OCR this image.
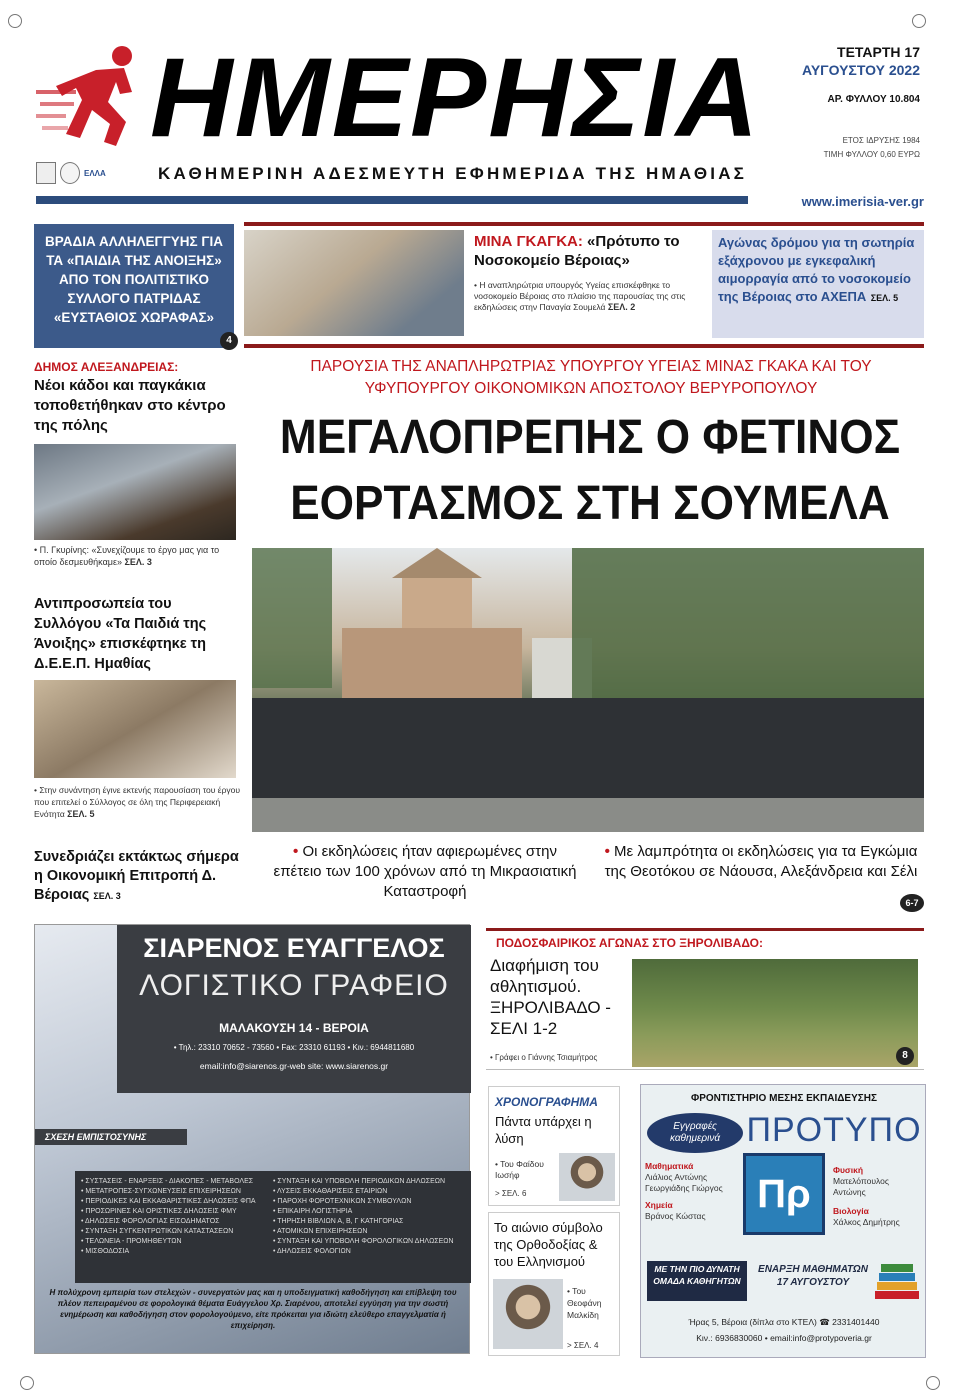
ΗΜΕΡΗΣΙΑ
ΕΛΛΑ	ΚΑΘΗΜΕΡΙΝΗ ΑΔΕΣΜΕΥΤΗ ΕΦΗΜΕΡΙΔΑ ΤΗΣ ΗΜΑΘΙΑΣ
ΤΕΤΑΡΤΗ 17
ΑΥΓΟΥΣΤΟΥ 2022
ΑΡ. ΦΥΛΛΟΥ 10.804
ΕΤΟΣ ΙΔΡΥΣΗΣ 1984
ΤΙΜΗ ΦΥΛΛΟΥ 0,60 ΕΥΡΩ
www.imerisia-ver.gr
ΒΡΑΔΙΑ ΑΛΛΗΛΕΓΓΥΗΣ ΓΙΑ ΤΑ «ΠΑΙΔΙΑ ΤΗΣ ΑΝΟΙΞΗΣ» ΑΠΟ ΤΟΝ ΠΟΛΙΤΙΣΤΙΚΟ ΣΥΛΛΟΓΟ ΠΑΤΡΙΔΑΣ «ΕΥΣΤΑΘΙΟΣ ΧΩΡΑΦΑΣ»
4
ΜΙΝΑ ΓΚΑΓΚΑ: «Πρότυπο το Νοσοκομείο Βέροιας»
• Η αναπληρώτρια υπουργός Υγείας επισκέφθηκε το νοσοκομείο Βέροιας στο πλαίσιο της παρουσίας της στις εκδηλώσεις στην Παναγία Σουμελά ΣΕΛ. 2
Αγώνας δρόμου για τη σωτηρία εξάχρονου με εγκεφαλική αιμορραγία από το νοσοκομείο της Βέροιας στο ΑΧΕΠΑ ΣΕΛ. 5
ΔΗΜΟΣ ΑΛΕΞΑΝΔΡΕΙΑΣ:
Νέοι κάδοι και παγκάκια τοποθετήθηκαν στο κέντρο της πόλης
• Π. Γκυρίνης: «Συνεχίζουμε το έργο μας για το οποίο δεσμευθήκαμε» ΣΕΛ. 3
Αντιπροσωπεία του Συλλόγου «Τα Παιδιά της Άνοιξης» επισκέφτηκε τη Δ.Ε.Ε.Π. Ημαθίας
• Στην συνάντηση έγινε εκτενής παρουσίαση του έργου που επιτελεί ο Σύλλογος σε όλη της Περιφερειακή Ενότητα ΣΕΛ. 5
Συνεδριάζει εκτάκτως σήμερα η Οικονομική Επιτροπή Δ. Βέροιας ΣΕΛ. 3
ΠΑΡΟΥΣΙΑ ΤΗΣ ΑΝΑΠΛΗΡΩΤΡΙΑΣ ΥΠΟΥΡΓΟΥ ΥΓΕΙΑΣ ΜΙΝΑΣ ΓΚΑΚΑ ΚΑΙ ΤΟΥ ΥΦΥΠΟΥΡΓΟΥ ΟΙΚΟΝΟΜΙΚΩΝ ΑΠΟΣΤΟΛΟΥ ΒΕΡΥΡΟΠΟΥΛΟΥ
ΜΕΓΑΛΟΠΡΕΠΗΣ Ο ΦΕΤΙΝΟΣ
ΕΟΡΤΑΣΜΟΣ ΣΤΗ ΣΟΥΜΕΛΑ
• Οι εκδηλώσεις ήταν αφιερωμένες στην επέτειο των 100 χρόνων από τη Μικρασιατική Καταστροφή
• Με λαμπρότητα οι εκδηλώσεις για τα Εγκώμια της Θεοτόκου σε Νάουσα, Αλεξάνδρεια και Σέλι
6-7
ΣΙΑΡΕΝΟΣ ΕΥΑΓΓΕΛΟΣ
ΛΟΓΙΣΤΙΚΟ ΓΡΑΦΕΙΟ
ΜΑΛΑΚΟΥΣΗ 14 - ΒΕΡΟΙΑ
• Τηλ.: 23310 70652 - 73560 • Fax: 23310 61193 • Κιν.: 6944811680
email:info@siarenos.gr-web site: www.siarenos.gr
ΣΧΕΣΗ ΕΜΠΙΣΤΟΣΥΝΗΣ
• ΣΥΣΤΑΣΕΙΣ - ΕΝΑΡΞΕΙΣ - ΔΙΑΚΟΠΕΣ - ΜΕΤΑΒΟΛΕΣ
• ΜΕΤΑΤΡΟΠΕΣ-ΣΥΓΧΩΝΕΥΣΕΙΣ ΕΠΙΧΕΙΡΗΣΕΩΝ
• ΠΕΡΙΟΔΙΚΕΣ ΚΑΙ ΕΚΚΑΘΑΡΙΣΤΙΚΕΣ ΔΗΛΩΣΕΙΣ ΦΠΑ
• ΠΡΟΣΩΡΙΝΕΣ ΚΑΙ ΟΡΙΣΤΙΚΕΣ ΔΗΛΩΣΕΙΣ ΦΜΥ
• ΔΗΛΩΣΕΙΣ ΦΟΡΟΛΟΓΙΑΣ ΕΙΣΟΔΗΜΑΤΟΣ
• ΣΥΝΤΑΞΗ ΣΥΓΚΕΝΤΡΩΤΙΚΩΝ ΚΑΤΑΣΤΑΣΕΩΝ
• ΤΕΛΩΝΕΙΑ - ΠΡΟΜΗΘΕΥΤΩΝ
• ΜΙΣΘΟΔΟΣΙΑ
• ΣΥΝΤΑΞΗ ΚΑΙ ΥΠΟΒΟΛΗ ΠΕΡΙΟΔΙΚΩΝ ΔΗΛΩΣΕΩΝ
• ΛΥΣΕΙΣ ΕΚΚΑΘΑΡΙΣΕΙΣ ΕΤΑΙΡΙΩΝ
• ΠΑΡΟΧΗ ΦΟΡΟΤΕΧΝΙΚΩΝ ΣΥΜΒΟΥΛΩΝ
• ΕΠΙΚΑΙΡΗ ΛΟΓΙΣΤΗΡΙΑ
• ΤΗΡΗΣΗ ΒΙΒΛΙΩΝ Α, Β, Γ ΚΑΤΗΓΟΡΙΑΣ
• ΑΤΟΜΙΚΩΝ ΕΠΙΧΕΙΡΗΣΕΩΝ
• ΣΥΝΤΑΞΗ ΚΑΙ ΥΠΟΒΟΛΗ ΦΟΡΟΛΟΓΙΚΩΝ ΔΗΛΩΣΕΩΝ
• ΔΗΛΩΣΕΙΣ ΦΟΛΟΓΙΩΝ
Η πολύχρονη εμπειρία των στελεχών - συνεργατών μας και η υποδειγματική καθοδήγηση και επίβλεψη του πλέον πεπειραμένου σε φορολογικά θέματα Ευάγγελου Χρ. Σιαρένου, αποτελεί εγγύηση για την σωστή ενημέρωση και καθοδήγηση στον φορολογούμενο, είτε πρόκειται για ιδιώτη ελεύθερο επαγγελματία ή επιχείρηση.
ΠΟΔΟΣΦΑΙΡΙΚΟΣ ΑΓΩΝΑΣ ΣΤΟ ΞΗΡΟΛΙΒΑΔΟ:
Διαφήμιση του αθλητισμού. ΞΗΡΟΛΙΒΑΔΟ - ΣΕΛΙ 1-2
• Γράφει ο Γιάννης Τσιαμήτρος	8
ΧΡΟΝΟΓΡΑΦΗΜΑ
Πάντα υπάρχει η λύση
• Του Φαίδου Ιωσήφ
> ΣΕΛ. 6
Το αιώνιο σύμβολο της Ορθοδοξίας & του Ελληνισμού
• Του Θεοφάνη Μαλκίδη
> ΣΕΛ. 4
ΦΡΟΝΤΙΣΤΗΡΙΟ ΜΕΣΗΣ ΕΚΠΑΙΔΕΥΣΗΣ
Εγγραφές καθημερινά ΠΡΟΤΥΠΟ
Πρ
Μαθηματικά
Λιάλιος Αντώνης Γεωργιάδης Γιώργος
Χημεία
Βράνος Κώστας
Φυσική
Ματελόπουλος Αντώνης
Βιολογία
Χάλκος Δημήτρης
ΜΕ ΤΗΝ ΠΙΟ ΔΥΝΑΤΗ ΟΜΑΔΑ ΚΑΘΗΓΗΤΩΝ
ΕΝΑΡΞΗ ΜΑΘΗΜΑΤΩΝ 17 ΑΥΓΟΥΣΤΟΥ
Ήρας 5, Βέροια (δίπλα στο ΚΤΕΛ) ☎ 2331401440
Κιν.: 6936830060 • email:info@protypoveria.gr
